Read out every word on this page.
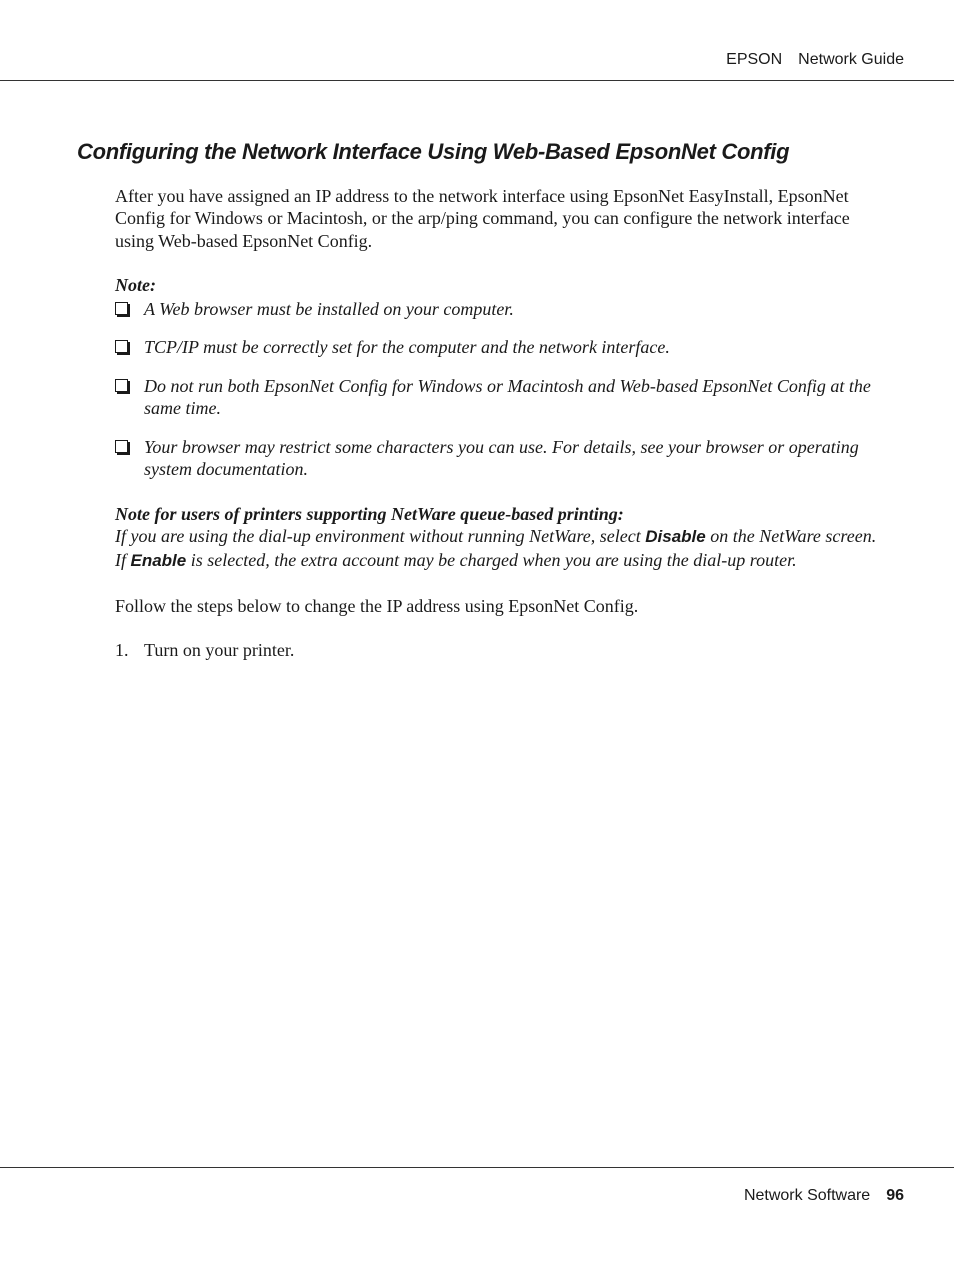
EPSON Network Guide
Configuring the Network Interface Using Web-Based EpsonNet Config
After you have assigned an IP address to the network interface using EpsonNet EasyInstall, EpsonNet Config for Windows or Macintosh, or the arp/ping command, you can configure the network interface using Web-based EpsonNet Config.
Note:
A Web browser must be installed on your computer.
TCP/IP must be correctly set for the computer and the network interface.
Do not run both EpsonNet Config for Windows or Macintosh and Web-based EpsonNet Config at the same time.
Your browser may restrict some characters you can use. For details, see your browser or operating system documentation.
Note for users of printers supporting NetWare queue-based printing:
If you are using the dial-up environment without running NetWare, select Disable on the NetWare screen. If Enable is selected, the extra account may be charged when you are using the dial-up router.
Follow the steps below to change the IP address using EpsonNet Config.
1. Turn on your printer.
Network Software 96
